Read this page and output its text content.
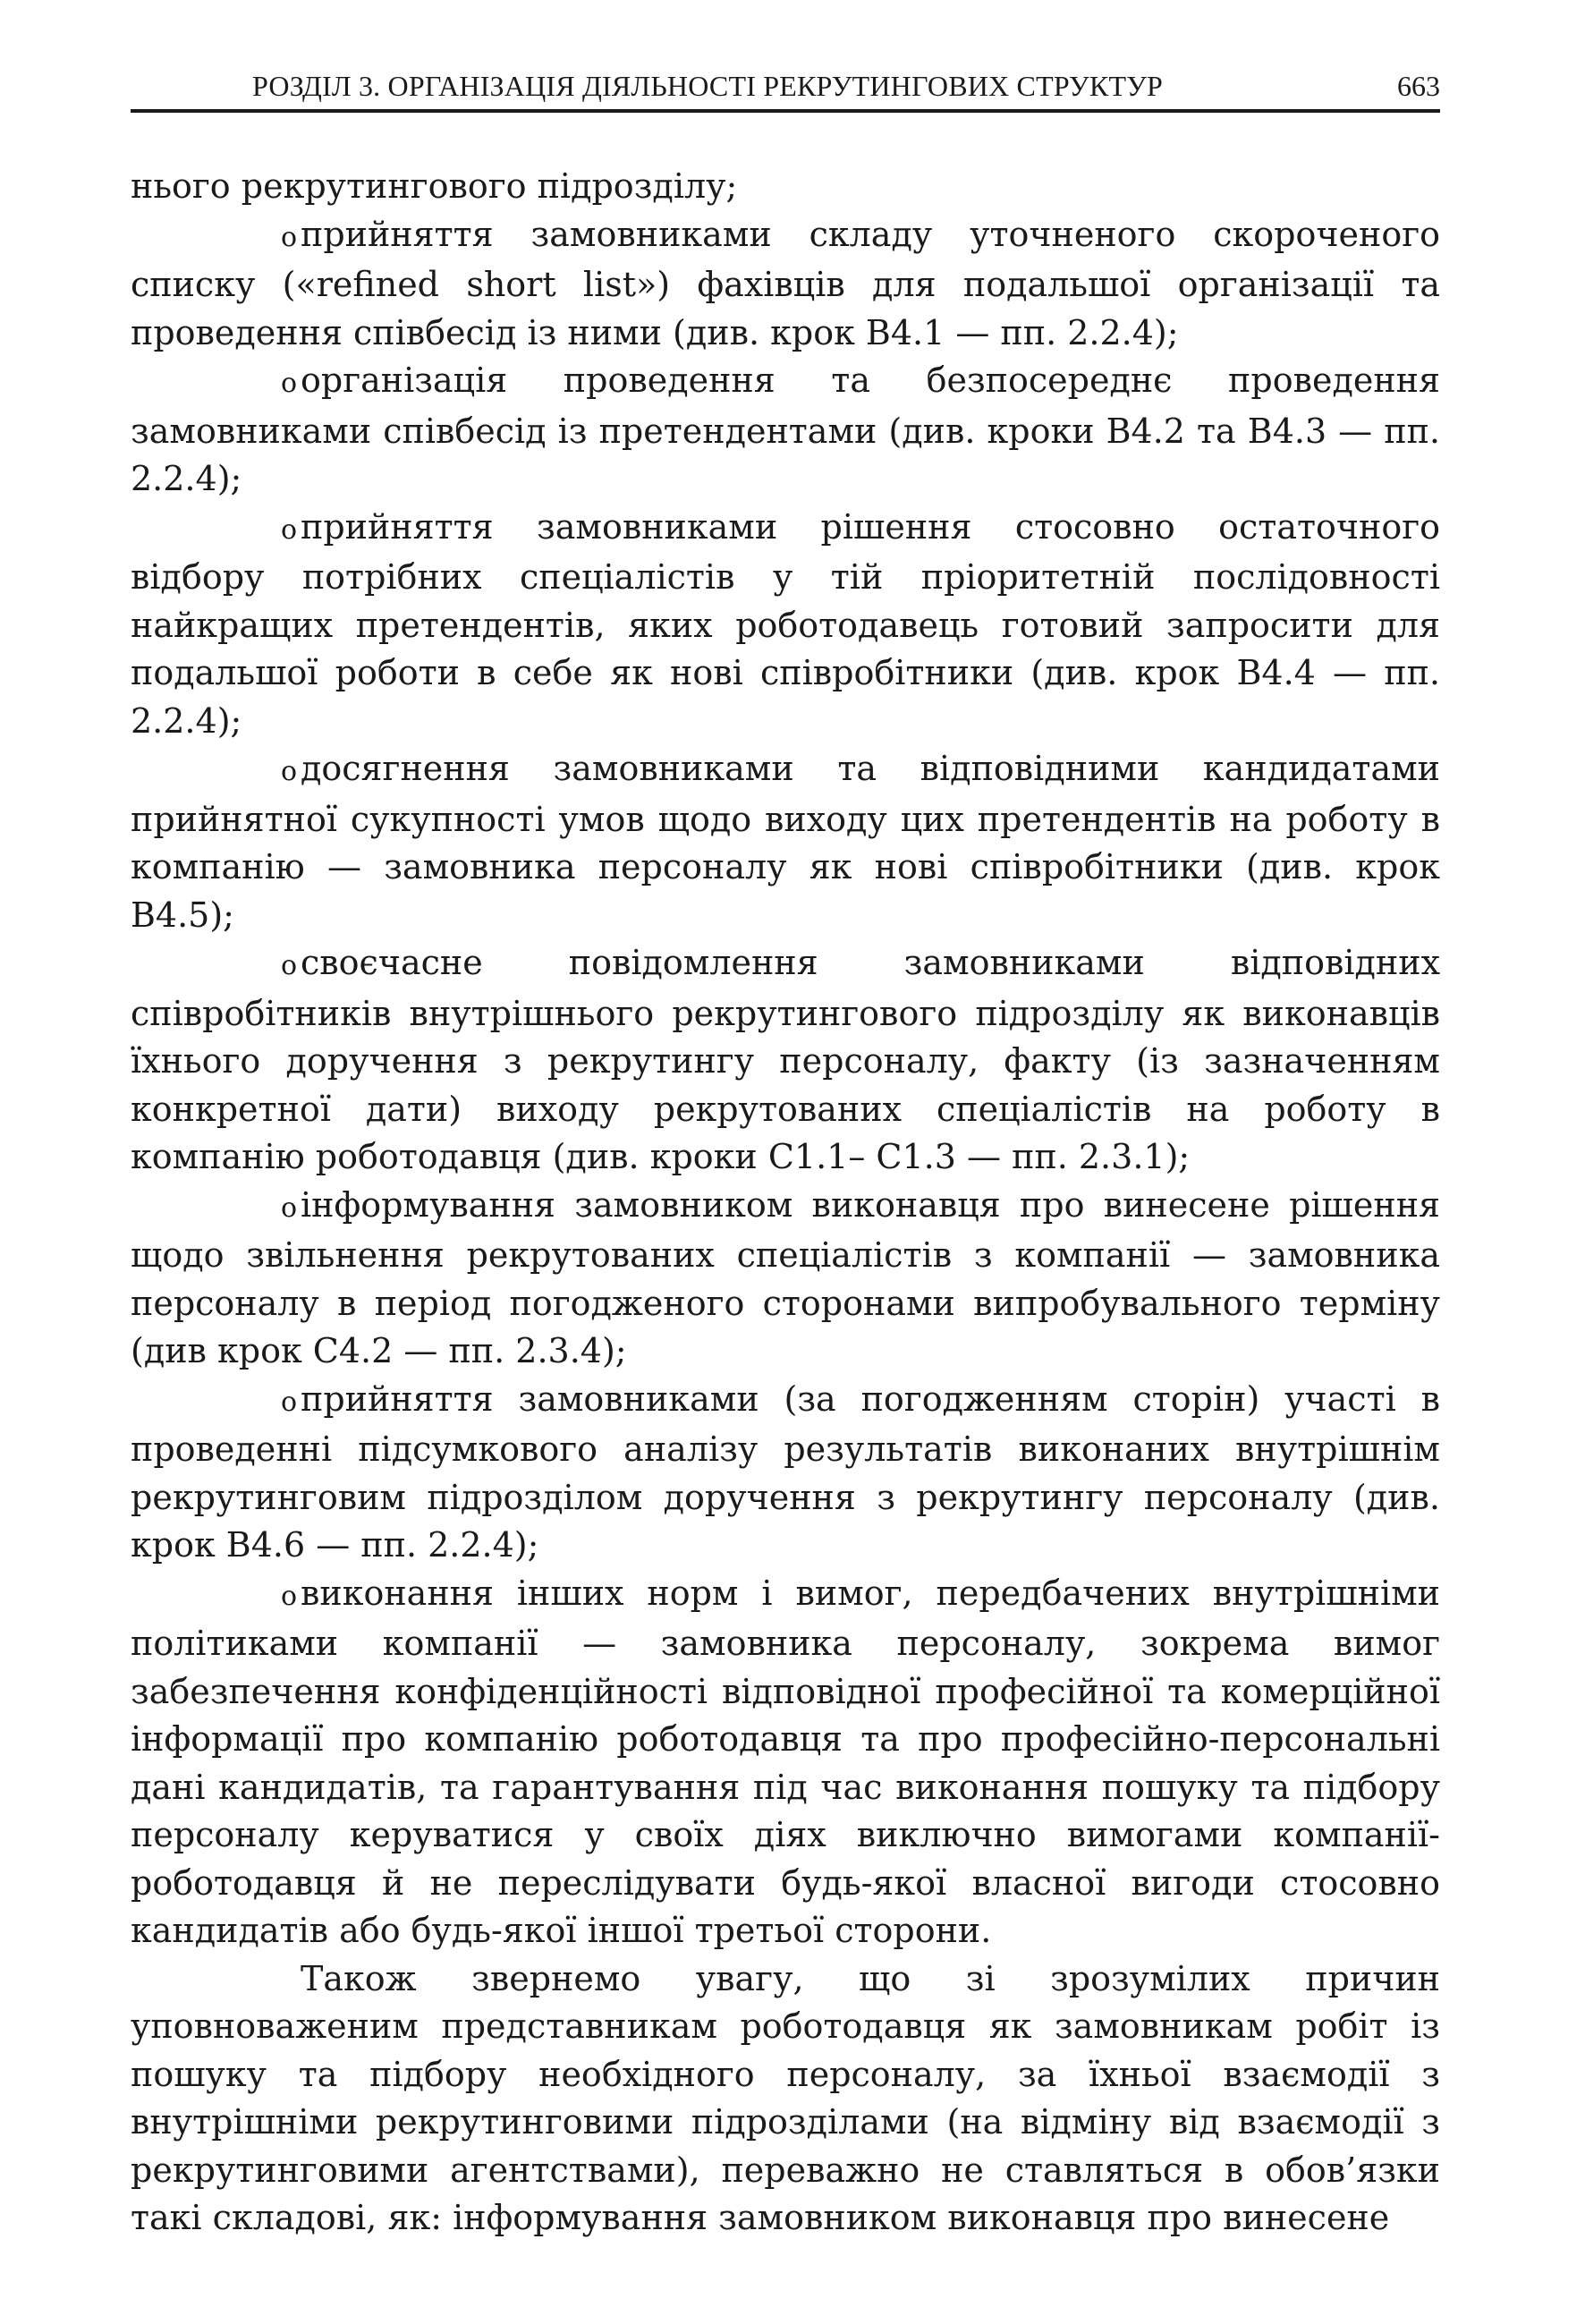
РОЗДІЛ 3. ОРГАНІЗАЦІЯ ДІЯЛЬНОСТІ РЕКРУТИНГОВИХ СТРУКТУР	663

нього рекрутингового підрозділу;

o прийняття замовниками складу уточненого скороченого списку («refined short list») фахівців для подальшої організації та проведення співбесід із ними (див. крок B4.1 — пп. 2.2.4);

o організація проведення та безпосереднє проведення замовниками співбесід із претендентами (див. кроки B4.2 та B4.3 — пп. 2.2.4);

o прийняття замовниками рішення стосовно остаточного відбору потрібних спеціалістів у тій пріоритетній послідовності найкращих претендентів, яких роботодавець готовий запросити для подальшої роботи в себе як нові співробітники (див. крок B4.4 — пп. 2.2.4);

o досягнення замовниками та відповідними кандидатами прийнятної сукупності умов щодо виходу цих претендентів на роботу в компанію — замовника персоналу як нові співробітники (див. крок B4.5);

o своєчасне повідомлення замовниками відповідних співробітників внутрішнього рекрутингового підрозділу як виконавців їхнього доручення з рекрутингу персоналу, факту (із зазначенням конкретної дати) виходу рекрутованих спеціалістів на роботу в компанію роботодавця (див. кроки C1.1– C1.3 — пп. 2.3.1);

o інформування замовником виконавця про винесене рішення щодо звільнення рекрутованих спеціалістів з компанії — замовника персоналу в період погодженого сторонами випробувального терміну (див крок C4.2 — пп. 2.3.4);

o прийняття замовниками (за погодженням сторін) участі в проведенні підсумкового аналізу результатів виконаних внутрішнім рекрутинговим підрозділом доручення з рекрутингу персоналу (див. крок B4.6 — пп. 2.2.4);

o виконання інших норм і вимог, передбачених внутрішніми політиками компанії — замовника персоналу, зокрема вимог забезпечення конфіденційності відповідної професійної та комерційної інформації про компанію роботодавця та про професійно-персональні дані кандидатів, та гарантування під час виконання пошуку та підбору персоналу керуватися у своїх діях виключно вимогами компанії-роботодавця й не переслідувати будь-якої власної вигоди стосовно кандидатів або будь-якої іншої третьої сторони.

Також звернемо увагу, що зі зрозумілих причин уповноваженим представникам роботодавця як замовникам робіт із пошуку та підбору необхідного персоналу, за їхньої взаємодії з внутрішніми рекрутинговими підрозділами (на відміну від взаємодії з рекрутинговими агентствами), переважно не ставляться в обов’язки такі складові, як: інформування замовником виконавця про винесене
